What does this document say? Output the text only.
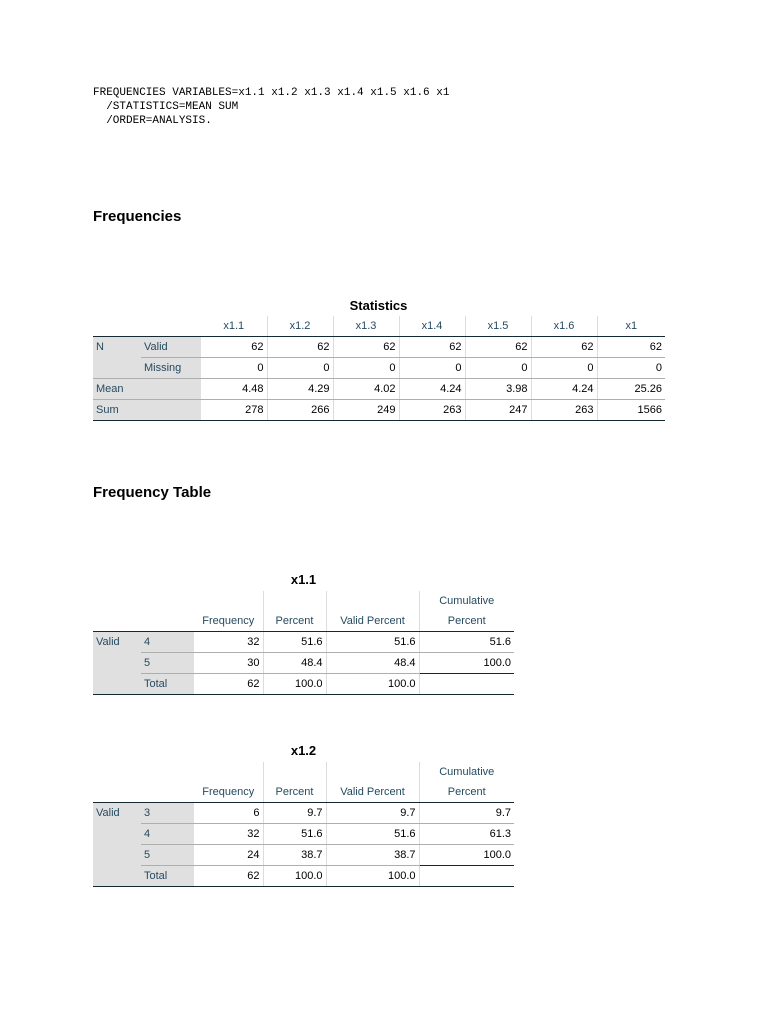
FREQUENCIES VARIABLES=x1.1 x1.2 x1.3 x1.4 x1.5 x1.6 x1
/STATISTICS=MEAN SUM
/ORDER=ANALYSIS.
Frequencies
Statistics
		x1.1	x1.2	x1.3	x1.4	x1.5	x1.6	x1
N	Valid	62	62	62	62	62	62	62
	Missing	0	0	0	0	0	0	0
Mean		4.48	4.29	4.02	4.24	3.98	4.24	25.26
Sum		278	266	249	263	247	263	1566
Frequency Table
x1.1
					Cumulative
		Frequency	Percent	Valid Percent	Percent
Valid	4	32	51.6	51.6	51.6
	5	30	48.4	48.4	100.0
	Total	62	100.0	100.0	
x1.2
					Cumulative
		Frequency	Percent	Valid Percent	Percent
Valid	3	6	9.7	9.7	9.7
	4	32	51.6	51.6	61.3
	5	24	38.7	38.7	100.0
	Total	62	100.0	100.0	
